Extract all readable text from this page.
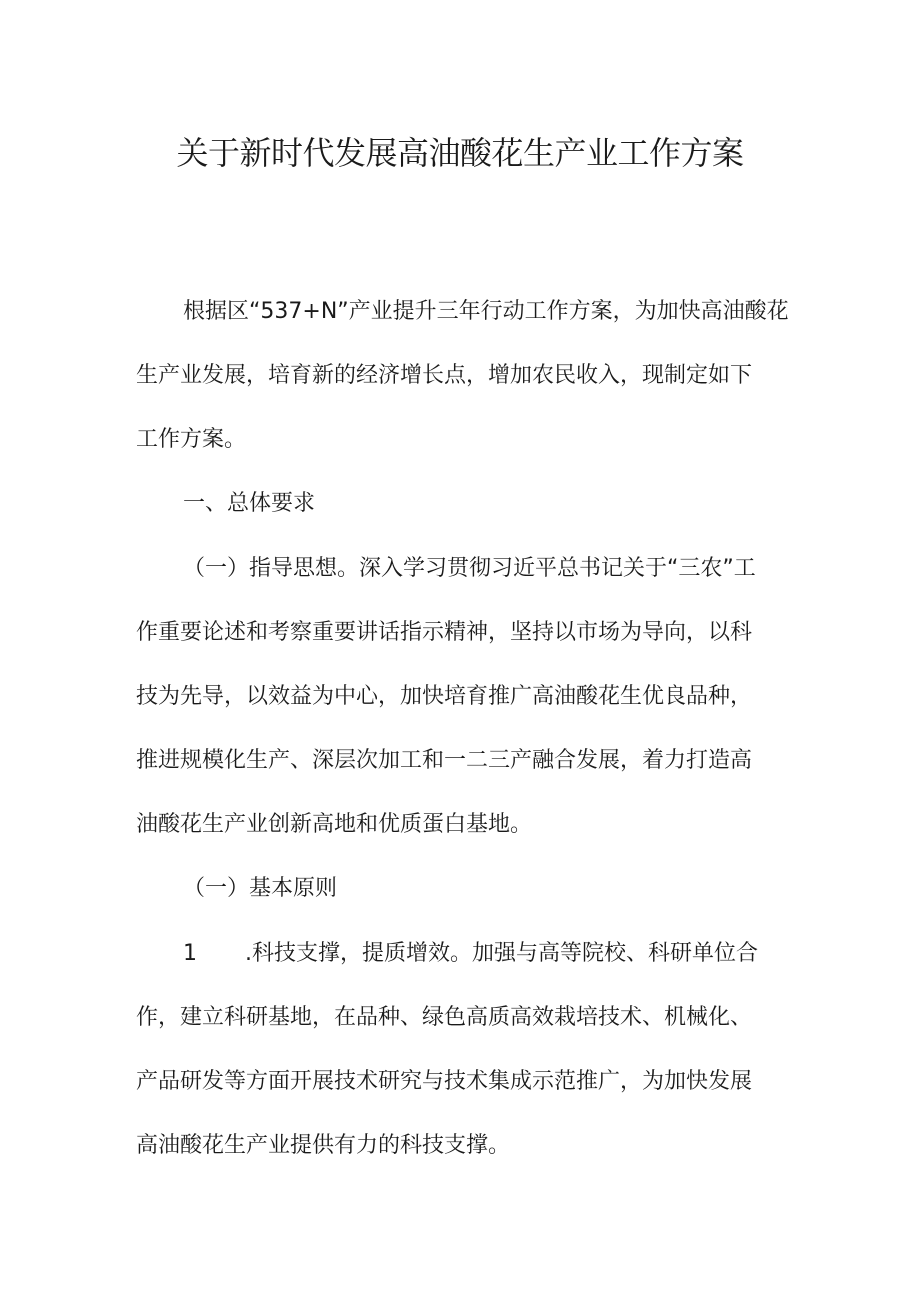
关于新时代发展高油酸花生产业工作方案

根据区“537+N”产业提升三年行动工作方案，为加快高油酸花

生产业发展，培育新的经济增长点，增加农民收入，现制定如下

工作方案。

一、总体要求

（一）指导思想。深入学习贯彻习近平总书记关于“三农”工

作重要论述和考察重要讲话指示精神，坚持以市场为导向，以科

技为先导，以效益为中心，加快培育推广高油酸花生优良品种，

推进规模化生产、深层次加工和一二三产融合发展，着力打造高

油酸花生产业创新高地和优质蛋白基地。

（一）基本原则

1 .科技支撑，提质增效。加强与高等院校、科研单位合

作，建立科研基地，在品种、绿色高质高效栽培技术、机械化、

产品研发等方面开展技术研究与技术集成示范推广，为加快发展

高油酸花生产业提供有力的科技支撑。
